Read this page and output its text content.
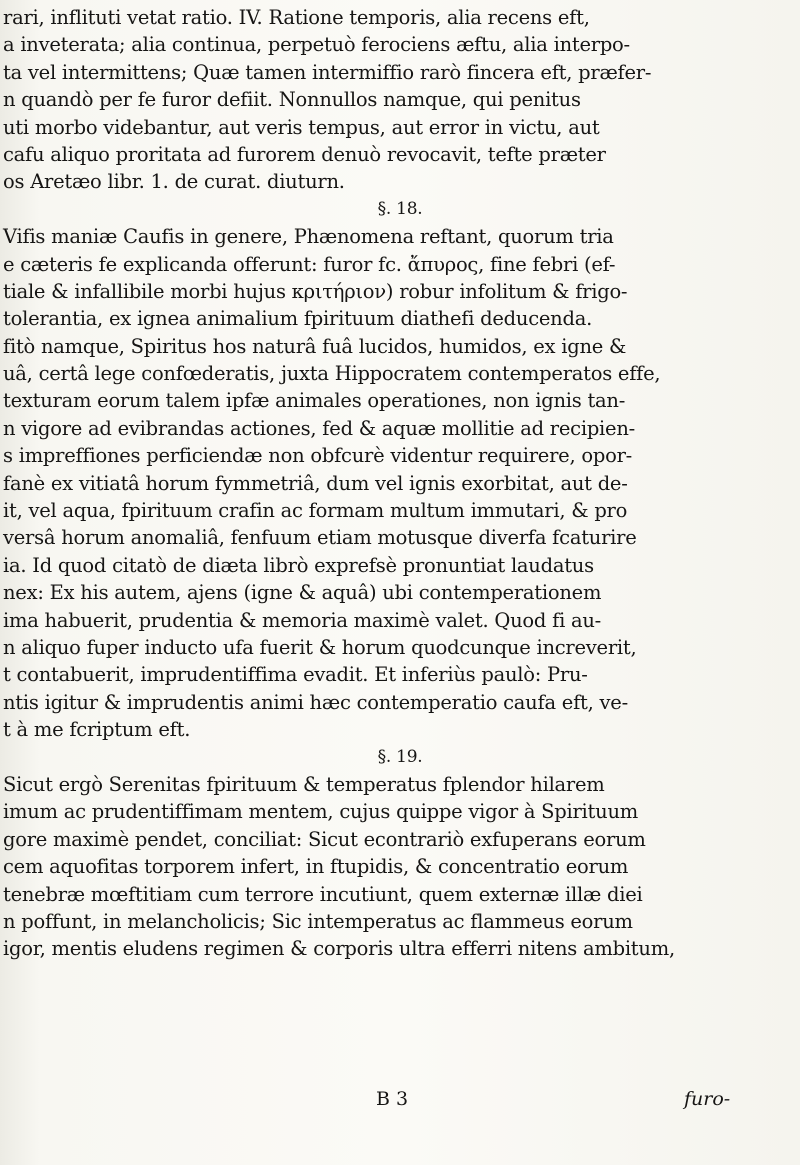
rari, inflituti vetat ratio. IV. Ratione temporis, alia recens eft,
a inveterata; alia continua, perpetuò ferociens æftu, alia interpo-
ta vel intermittens; Quæ tamen intermiffio rarò fincera eft, præfer-
n quandò per fe furor defiit. Nonnullos namque, qui penitus
uti morbo videbantur, aut veris tempus, aut error in victu, aut
cafu aliquo proritata ad furorem denuò revocavit, tefte præter
os Aretæo libr. 1. de curat. diuturn.
§. 18.
Vifis maniæ Caufis in genere, Phænomena reftant, quorum tria
e cæteris fe explicanda offerunt: furor fc. ἄπυρος, fine febri (ef-
tiale & infallibile morbi hujus κριτήριον) robur infolitum & frigo-
tolerantia, ex ignea animalium fpirituum diathefi deducenda.
fitò namque, Spiritus hos naturâ fuâ lucidos, humidos, ex igne &
uâ, certâ lege confœderatis, juxta Hippocratem contemperatos effe,
texturam eorum talem ipfæ animales operationes, non ignis tan-
n vigore ad evibrandas actiones, fed & aquæ mollitie ad recipien-
s impreffiones perficiendæ non obfcurè videntur requirere, opor-
fanè ex vitiatâ horum fymmetriâ, dum vel ignis exorbitat, aut de-
it, vel aqua, fpirituum crafin ac formam multum immutari, & pro
versâ horum anomaliâ, fenfuum etiam motusque diverfa fcaturire
ia. Id quod citatò de diæta librò exprefsè pronuntiat laudatus
nex: Ex his autem, ajens (igne & aquâ) ubi contemperationem
ima habuerit, prudentia & memoria maximè valet. Quod fi au-
n aliquo fuper inducto ufa fuerit & horum quodcunque increverit,
t contabuerit, imprudentiffima evadit. Et inferiùs paulò: Pru-
ntis igitur & imprudentis animi hæc contemperatio caufa eft, ve-
t à me fcriptum eft.
§. 19.
Sicut ergò Serenitas fpirituum & temperatus fplendor hilarem
imum ac prudentiffimam mentem, cujus quippe vigor à Spirituum
gore maximè pendet, conciliat: Sicut econtrariò exfuperans eorum
cem aquofitas torporem infert, in ftupidis, & concentratio eorum
tenebræ mœftitiam cum terrore incutiunt, quem externæ illæ diei
n poffunt, in melancholicis; Sic intemperatus ac flammeus eorum
igor, mentis eludens regimen & corporis ultra efferri nitens ambitum,
B 3	furo-
